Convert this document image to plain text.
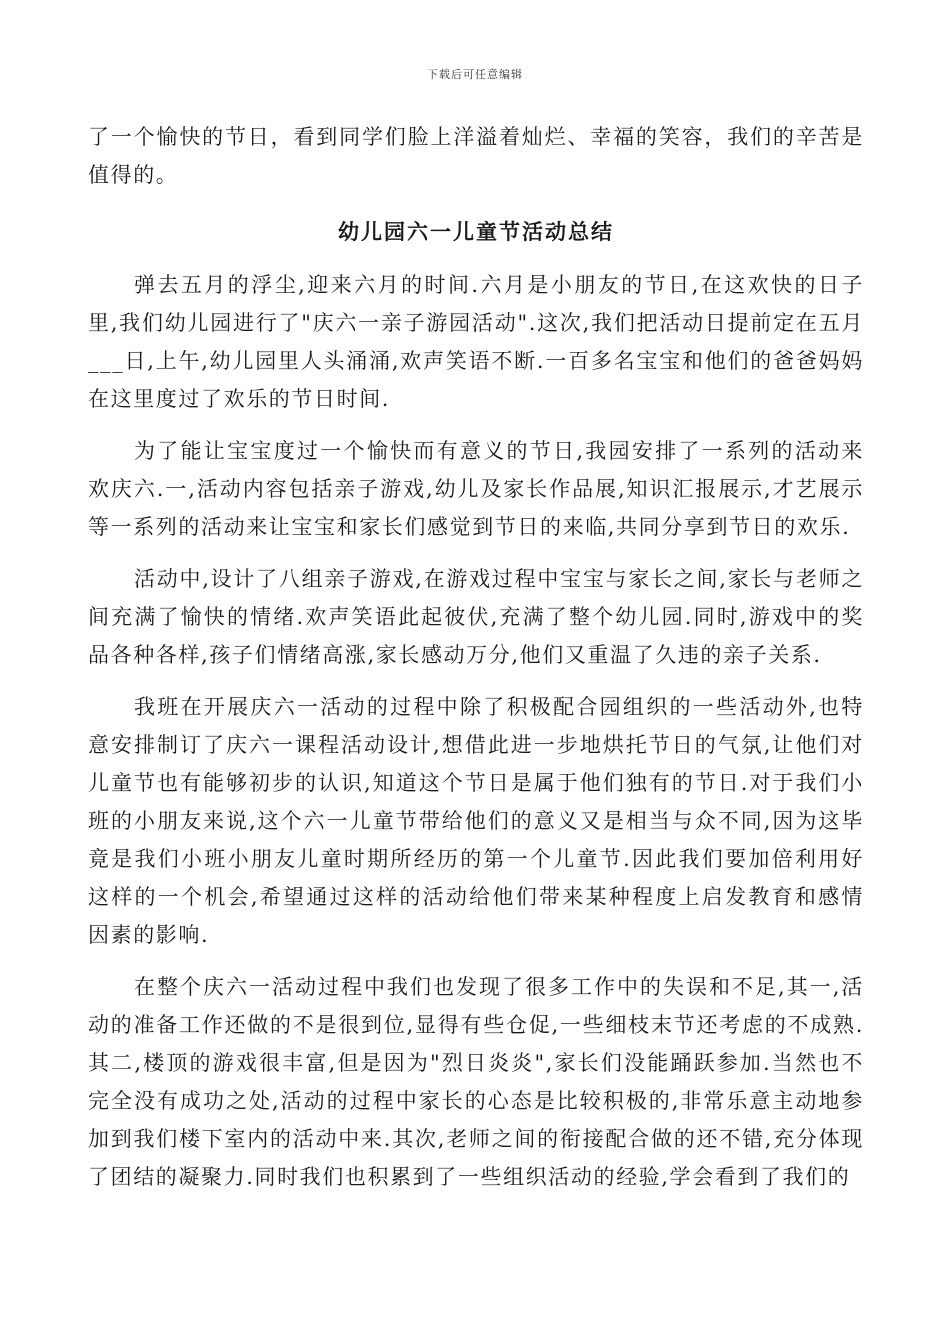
下载后可任意编辑

了一个愉快的节日，看到同学们脸上洋溢着灿烂、幸福的笑容，我们的辛苦是值得的。

幼儿园六一儿童节活动总结

弹去五月的浮尘,迎来六月的时间.六月是小朋友的节日,在这欢快的日子里,我们幼儿园进行了"庆六一亲子游园活动".这次,我们把活动日提前定在五月___日,上午,幼儿园里人头涌涌,欢声笑语不断.一百多名宝宝和他们的爸爸妈妈在这里度过了欢乐的节日时间.

为了能让宝宝度过一个愉快而有意义的节日,我园安排了一系列的活动来欢庆六.一,活动内容包括亲子游戏,幼儿及家长作品展,知识汇报展示,才艺展示等一系列的活动来让宝宝和家长们感觉到节日的来临,共同分享到节日的欢乐.

活动中,设计了八组亲子游戏,在游戏过程中宝宝与家长之间,家长与老师之间充满了愉快的情绪.欢声笑语此起彼伏,充满了整个幼儿园.同时,游戏中的奖品各种各样,孩子们情绪高涨,家长感动万分,他们又重温了久违的亲子关系.

我班在开展庆六一活动的过程中除了积极配合园组织的一些活动外,也特意安排制订了庆六一课程活动设计,想借此进一步地烘托节日的气氛,让他们对儿童节也有能够初步的认识,知道这个节日是属于他们独有的节日.对于我们小班的小朋友来说,这个六一儿童节带给他们的意义又是相当与众不同,因为这毕竟是我们小班小朋友儿童时期所经历的第一个儿童节.因此我们要加倍利用好这样的一个机会,希望通过这样的活动给他们带来某种程度上启发教育和感情因素的影响.

在整个庆六一活动过程中我们也发现了很多工作中的失误和不足,其一,活动的准备工作还做的不是很到位,显得有些仓促,一些细枝末节还考虑的不成熟.其二,楼顶的游戏很丰富,但是因为"烈日炎炎",家长们没能踊跃参加.当然也不完全没有成功之处,活动的过程中家长的心态是比较积极的,非常乐意主动地参加到我们楼下室内的活动中来.其次,老师之间的衔接配合做的还不错,充分体现了团结的凝聚力.同时我们也积累到了一些组织活动的经验,学会看到了我们的
